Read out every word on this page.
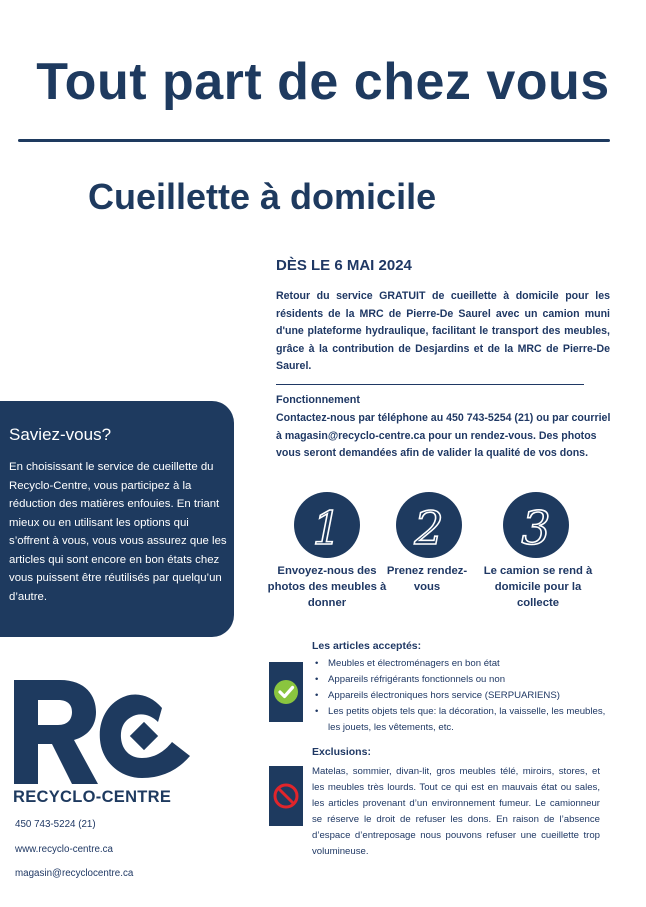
Tout part de chez vous
Cueillette à domicile
DÈS LE 6 MAI 2024
Retour du service GRATUIT de cueillette à domicile pour les résidents de la MRC de Pierre-De Saurel avec un camion muni d'une plateforme hydraulique, facilitant le transport des meubles, grâce à la contribution de Desjardins et de la MRC de Pierre-De Saurel.
Fonctionnement
Contactez-nous par téléphone au 450 743-5254 (21) ou par courriel à magasin@recyclo-centre.ca pour un rendez-vous. Des photos vous seront demandées afin de valider la qualité de vos dons.
Saviez-vous?
En choisissant le service de cueillette du Recyclo-Centre, vous participez à la réduction des matières enfouies. En triant mieux ou en utilisant les options qui s’offrent à vous, vous vous assurez que les articles qui sont encore en bon états chez vous puissent être réutilisés par quelqu’un d’autre.
1 2 3
Envoyez-nous des photos des meubles à donner
Prenez rendez-vous
Le camion se rend à domicile pour la collecte
Les articles acceptés:
• Meubles et électroménagers en bon état
• Appareils réfrigérants fonctionnels ou non
• Appareils électroniques hors service (SERPUARIENS)
• Les petits objets tels que: la décoration, la vaisselle, les meubles, les jouets, les vêtements, etc.
Exclusions:
Matelas, sommier, divan-lit, gros meubles télé, miroirs, stores, et les meubles très lourds. Tout ce qui est en mauvais état ou sales, les articles provenant d’un environnement fumeur. Le camionneur se réserve le droit de refuser les dons. En raison de l’absence d’espace d’entreposage nous pouvons refuser une cueillette trop volumineuse.
RECYCLO-CENTRE
450 743-5224 (21)
www.recyclo-centre.ca
magasin@recyclocentre.ca
